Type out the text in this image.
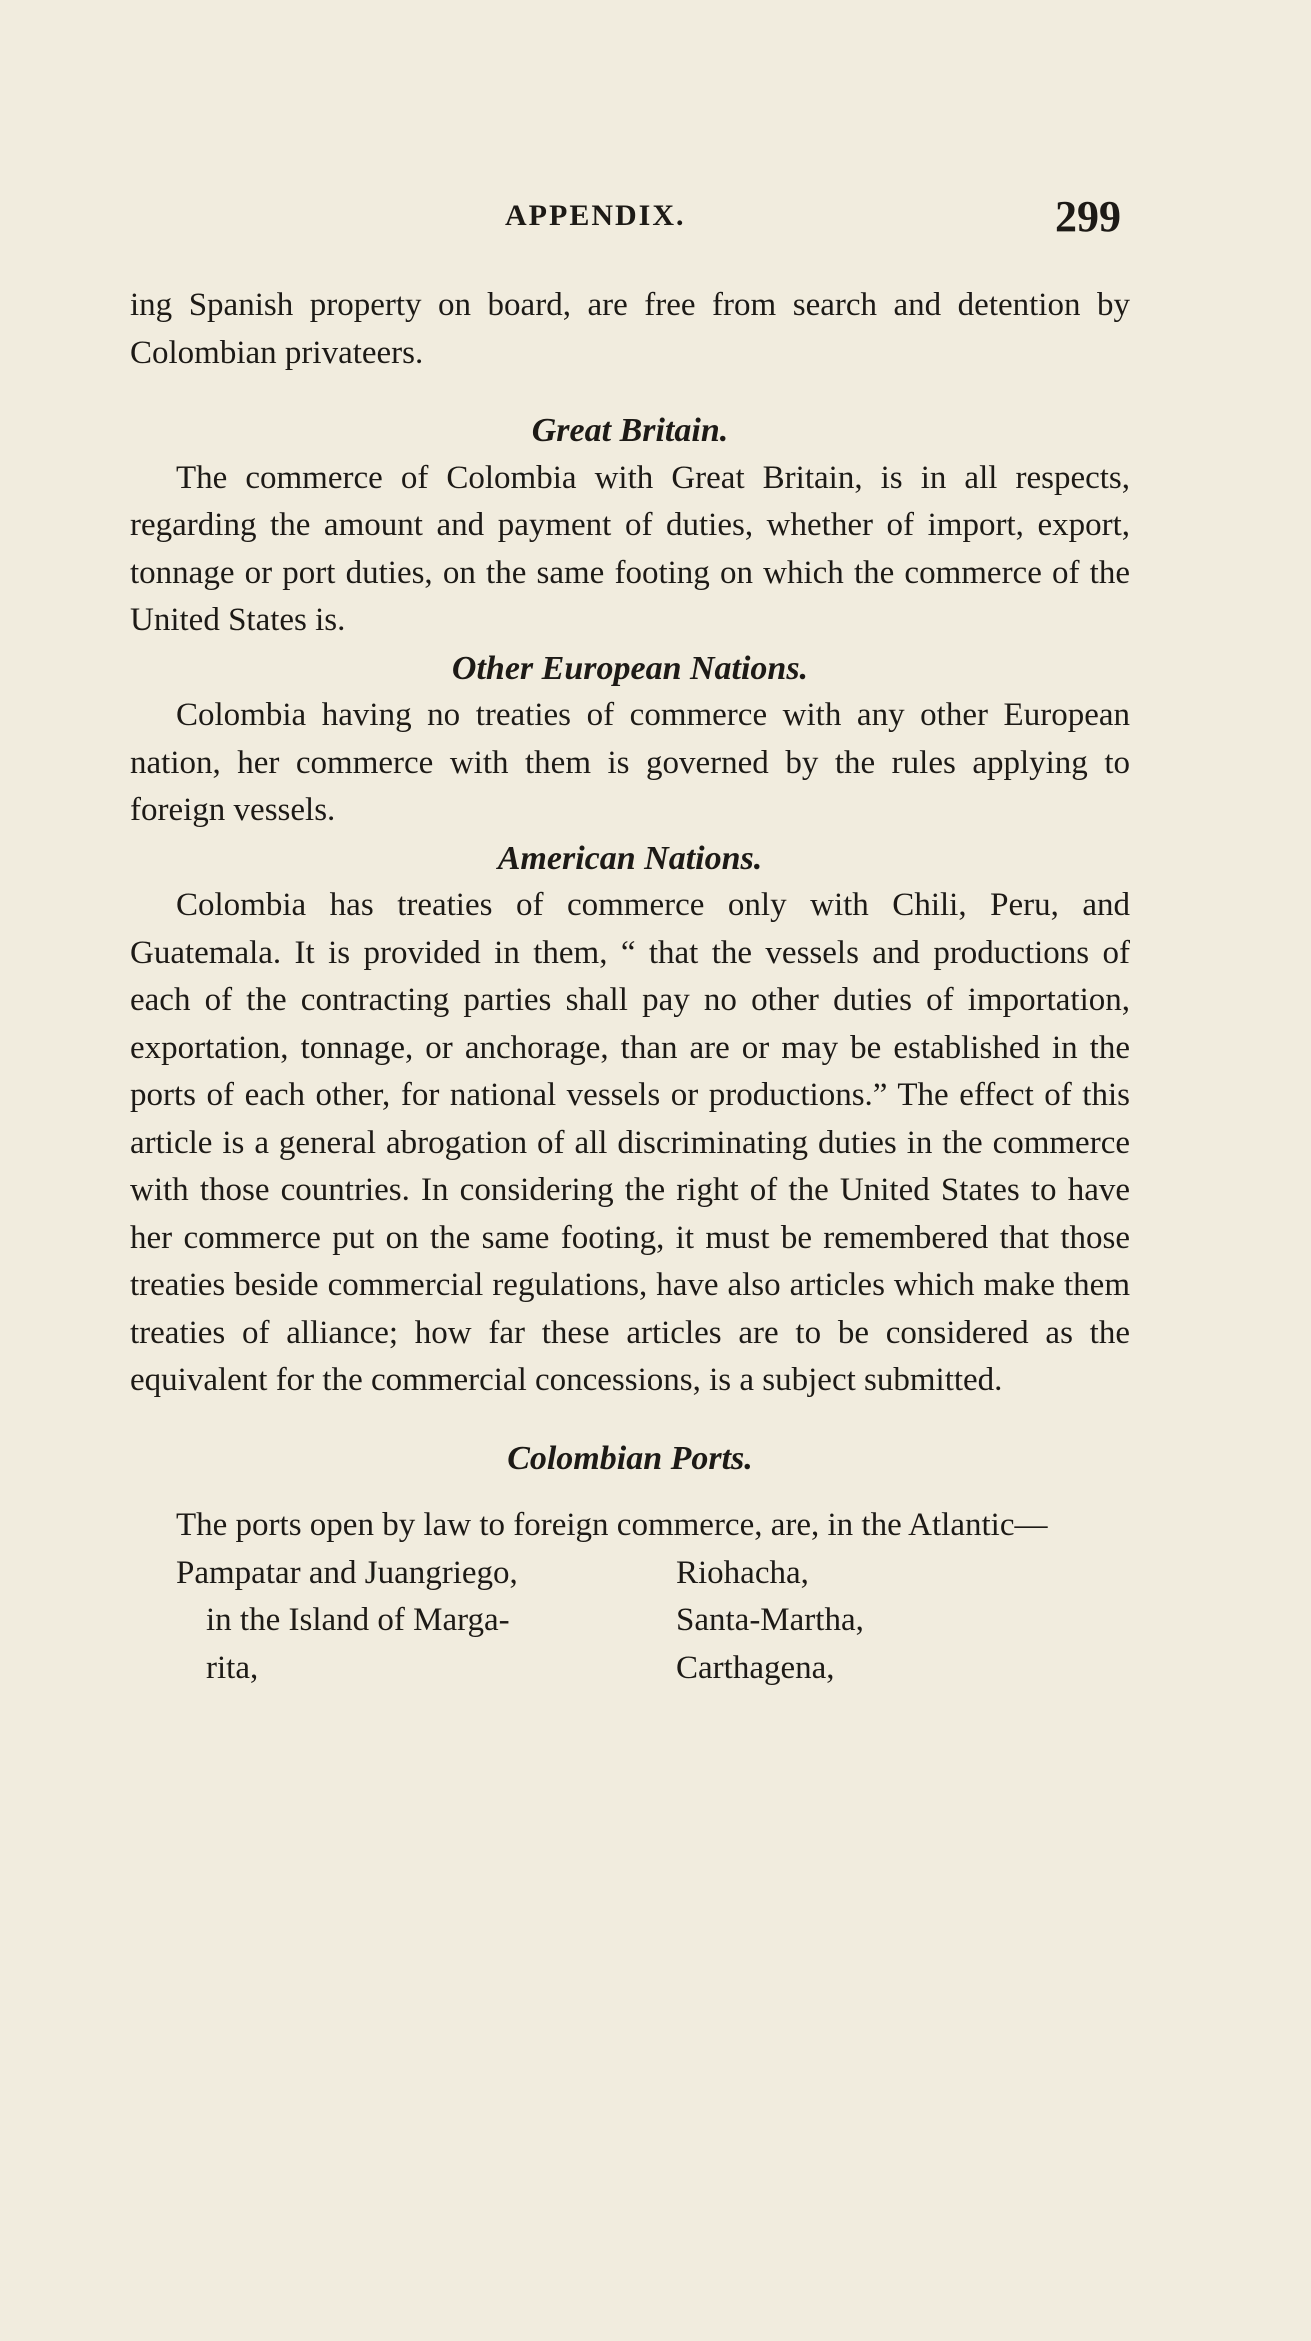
APPENDIX.	299

ing Spanish property on board, are free from search and detention by Colombian privateers.

Great Britain.

The commerce of Colombia with Great Britain, is in all respects, regarding the amount and payment of duties, whether of import, export, tonnage or port duties, on the same footing on which the commerce of the United States is.

Other European Nations.

Colombia having no treaties of commerce with any other European nation, her commerce with them is governed by the rules applying to foreign vessels.

American Nations.

Colombia has treaties of commerce only with Chili, Peru, and Guatemala. It is provided in them, “ that the vessels and productions of each of the contracting parties shall pay no other duties of importation, exportation, tonnage, or anchorage, than are or may be established in the ports of each other, for national vessels or productions.” The effect of this article is a general abrogation of all discriminating duties in the commerce with those countries. In considering the right of the United States to have her commerce put on the same footing, it must be remembered that those treaties beside commercial regulations, have also articles which make them treaties of alliance; how far these articles are to be considered as the equivalent for the commercial concessions, is a subject submitted.

Colombian Ports.

The ports open by law to foreign commerce, are, in the Atlantic—

Pampatar and Juangriego,
in the Island of Marga-
rita,
Riohacha,
Santa-Martha,
Carthagena,
